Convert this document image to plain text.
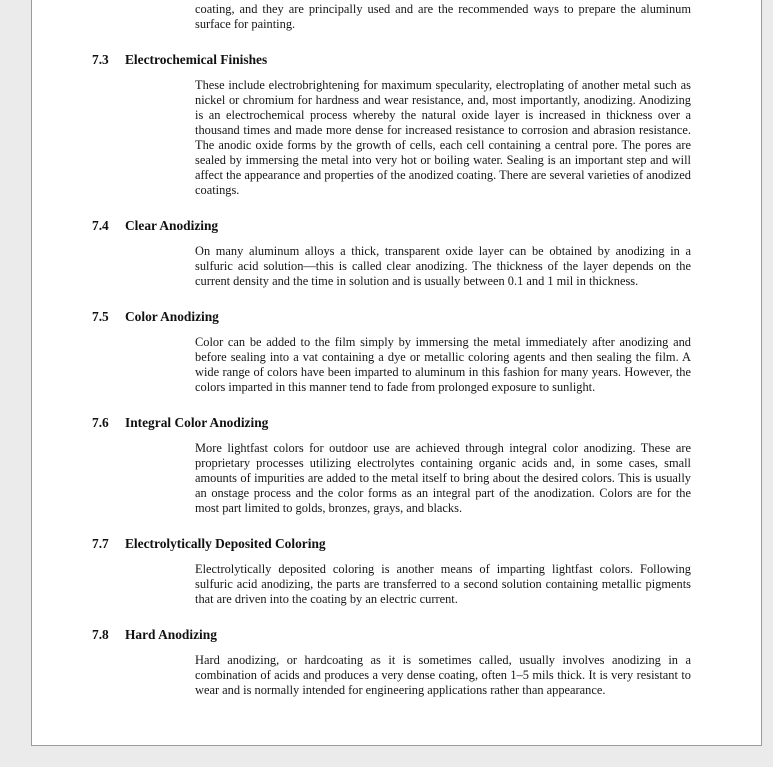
coating, and they are principally used and are the recommended ways to prepare the aluminum surface for painting.

7.3	Electrochemical Finishes

These include electrobrightening for maximum specularity, electroplating of another metal such as nickel or chromium for hardness and wear resistance, and, most importantly, anodizing. Anodizing is an electrochemical process whereby the natural oxide layer is increased in thickness over a thousand times and made more dense for increased resistance to corrosion and abrasion resistance. The anodic oxide forms by the growth of cells, each cell containing a central pore. The pores are sealed by immersing the metal into very hot or boiling water. Sealing is an important step and will affect the appearance and properties of the anodized coating. There are several varieties of anodized coatings.

7.4	Clear Anodizing

On many aluminum alloys a thick, transparent oxide layer can be obtained by anodizing in a sulfuric acid solution—this is called clear anodizing. The thickness of the layer depends on the current density and the time in solution and is usually between 0.1 and 1 mil in thickness.

7.5	Color Anodizing

Color can be added to the film simply by immersing the metal immediately after anodizing and before sealing into a vat containing a dye or metallic coloring agents and then sealing the film. A wide range of colors have been imparted to aluminum in this fashion for many years. However, the colors imparted in this manner tend to fade from prolonged exposure to sunlight.

7.6	Integral Color Anodizing

More lightfast colors for outdoor use are achieved through integral color anodizing. These are proprietary processes utilizing electrolytes containing organic acids and, in some cases, small amounts of impurities are added to the metal itself to bring about the desired colors. This is usually an onstage process and the color forms as an integral part of the anodization. Colors are for the most part limited to golds, bronzes, grays, and blacks.

7.7	Electrolytically Deposited Coloring

Electrolytically deposited coloring is another means of imparting lightfast colors. Following sulfuric acid anodizing, the parts are transferred to a second solution containing metallic pigments that are driven into the coating by an electric current.

7.8	Hard Anodizing

Hard anodizing, or hardcoating as it is sometimes called, usually involves anodizing in a combination of acids and produces a very dense coating, often 1–5 mils thick. It is very resistant to wear and is normally intended for engineering applications rather than appearance.
